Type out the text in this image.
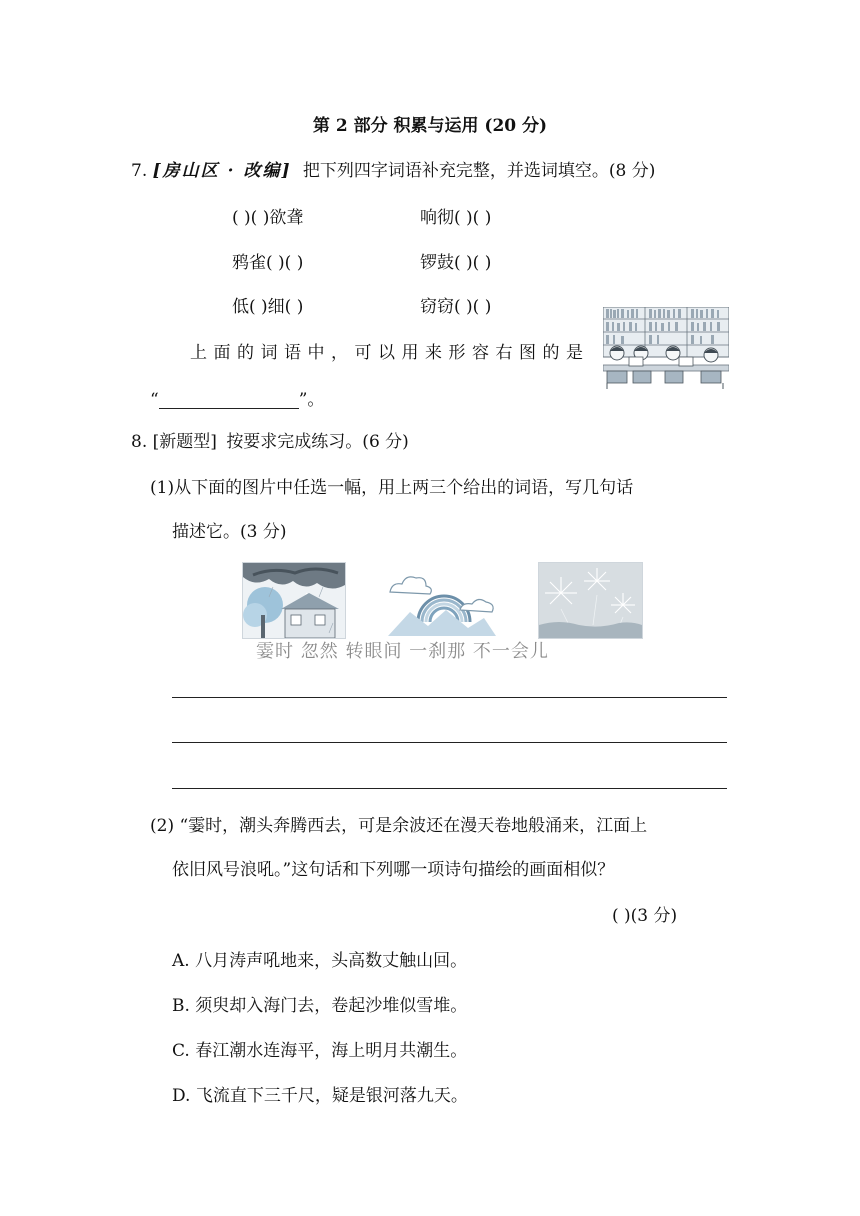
第 2 部分 积累与运用 (20 分)
7. [房山区 · 改编] 把下列四字词语补充完整，并选词填空。(8 分)
( )( )欲聋	响彻( )( )
鸦雀( )( )	锣鼓( )( )
低( )细( )	窃窃( )( )
上面的词语中，可以用来形容右图的是
“	”。
8. [新题型] 按要求完成练习。(6 分)
(1)从下面的图片中任选一幅，用上两三个给出的词语，写几句话
描述它。(3 分)
霎时 忽然 转眼间 一刹那 不一会儿
(2) “霎时，潮头奔腾西去，可是余波还在漫天卷地般涌来，江面上
依旧风号浪吼。”这句话和下列哪一项诗句描绘的画面相似？
( )(3 分)
A. 八月涛声吼地来，头高数丈触山回。
B. 须臾却入海门去，卷起沙堆似雪堆。
C. 春江潮水连海平，海上明月共潮生。
D. 飞流直下三千尺，疑是银河落九天。
